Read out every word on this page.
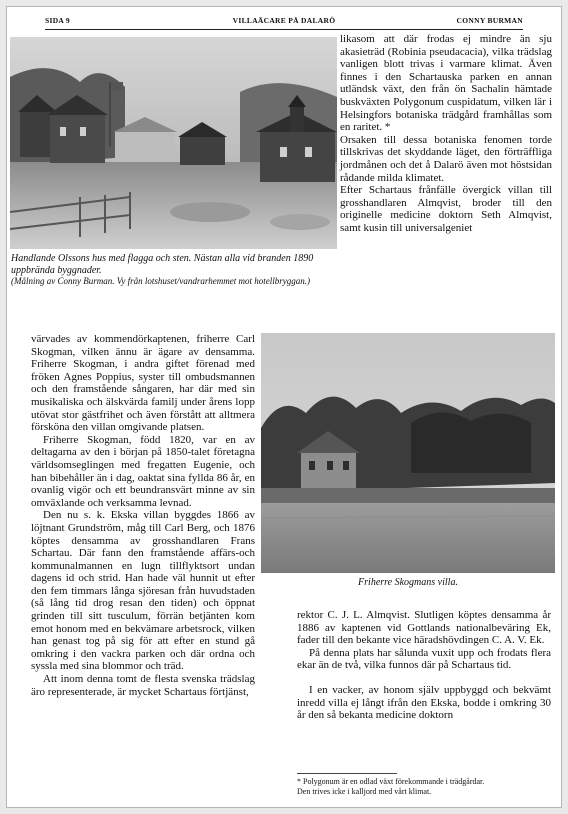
SIDA 9	VILLAÄCARE PÅ DALARÖ	CONNY BURMAN
Handlande Olssons hus med flagga och sten. Nästan alla vid branden 1890 uppbrända byggnader.
(Målning av Conny Burman. Vy från lotshuset/vandrarhemmet mot hotellbryggan.)

likasom att där frodas ej mindre än sju akasieträd (Robinia pseudacacia), vilka trädslag vanligen blott trivas i varmare klimat. Även finnes i den Schartauska parken en annan utländsk växt, den från ön Sachalin hämtade buskväxten Polygonum cuspidatum, vilken lär i Helsingfors botaniska trädgård framhållas som en raritet. *

Orsaken till dessa botaniska fenomen torde tillskrivas det skyddande läget, den förträffliga jordmånen och det å Dalarö även mot höstsidan rådande milda klimatet.

Efter Schartaus frånfälle övergick villan till grosshandlaren Almqvist, broder till den originelle medicine doktorn Seth Almqvist, samt kusin till universalgeniet

värvades av kommendörkaptenen, friherre Carl Skogman, vilken ännu är ägare av densamma. Friherre Skogman, i andra giftet förenad med fröken Agnes Poppius, syster till ombudsmannen och den framstående sångaren, har där med sin musikaliska och älskvärda familj under årens lopp utövat stor gästfrihet och även förstått att alltmera försköna den villan omgivande platsen.

Friherre Skogman, född 1820, var en av deltagarna av den i början på 1850-talet företagna världsomseglingen med fregatten Eugenie, och han bibehåller än i dag, oaktat sina fyllda 86 år, en ovanlig vigör och ett beundransvärt minne av sin omväxlande och verksamma levnad.

Den nu s. k. Ekska villan byggdes 1866 av löjtnant Grundström, måg till Carl Berg, och 1876 köptes densamma av grosshandlaren Frans Schartau. Där fann den framstående affärs-och kommunalmannen en lugn tillflyktsort undan dagens id och strid. Han hade väl hunnit ut efter den fem timmars långa sjöresan från huvudstaden (så lång tid drog resan den tiden) och öppnat grinden till sitt tusculum, förrän betjänten kom emot honom med en bekvämare arbetsrock, vilken han genast tog på sig för att efter en stund gå omkring i den vackra parken och där ordna och syssla med sina blommor och träd.

Att inom denna tomt de flesta svenska trädslag äro representerade, är mycket Schartaus förtjänst,

Friherre Skogmans villa.

rektor C. J. L. Almqvist. Slutligen köptes densamma år 1886 av kaptenen vid Gottlands nationalbeväring Ek, fader till den bekante vice häradshövdingen C. A. V. Ek.

På denna plats har sålunda vuxit upp och frodats flera ekar än de två, vilka funnos där på Schartaus tid.

I en vacker, av honom själv uppbyggd och bekvämt inredd villa ej långt ifrån den Ekska, bodde i omkring 30 år den så bekanta medicine doktorn

* Polygonum är en odlad växt förekommande i trädgårdar.
Den trives icke i kalljord med vårt klimat.
